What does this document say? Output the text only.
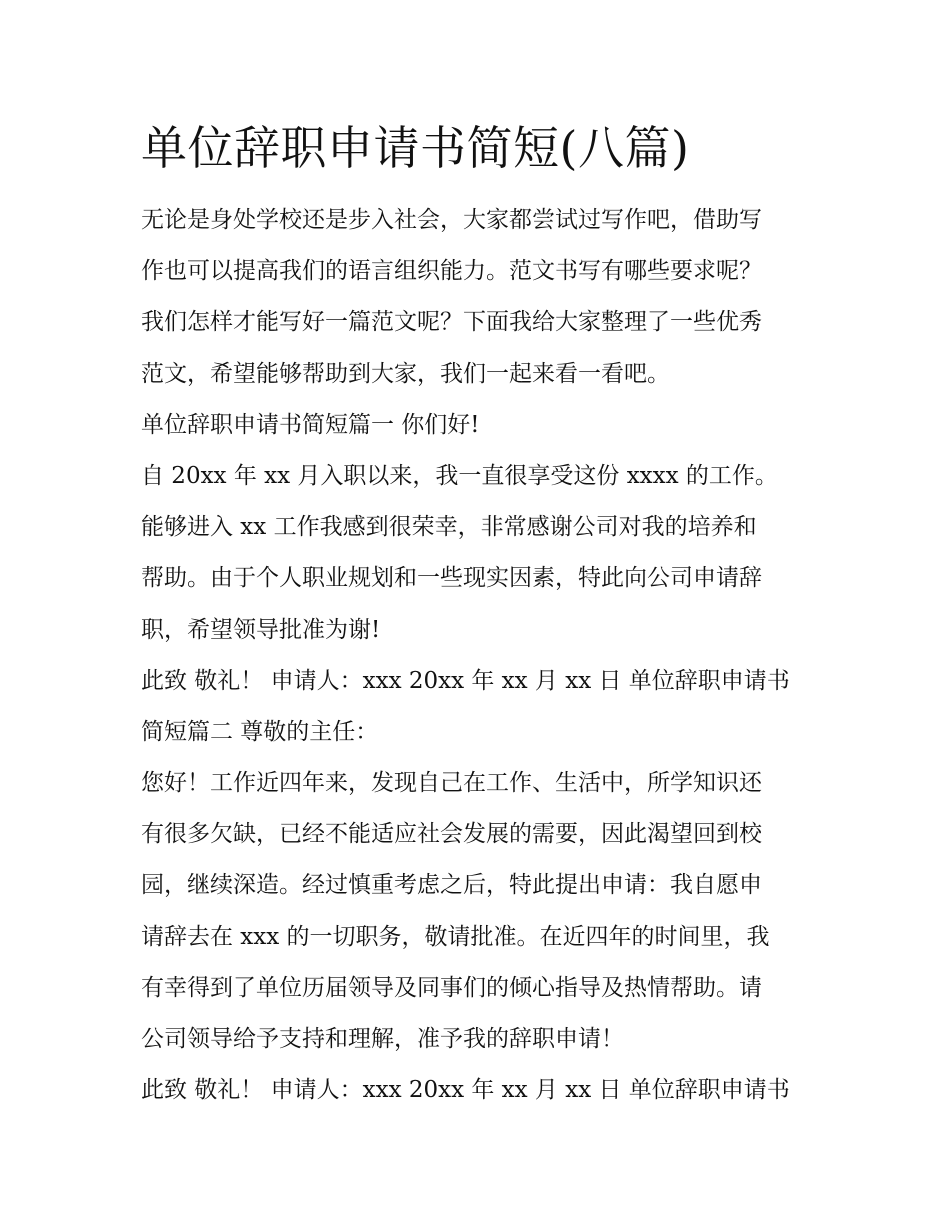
单位辞职申请书简短(八篇)
无论是身处学校还是步入社会，大家都尝试过写作吧，借助写
作也可以提高我们的语言组织能力。范文书写有哪些要求呢？
我们怎样才能写好一篇范文呢？下面我给大家整理了一些优秀
范文，希望能够帮助到大家，我们一起来看一看吧。
单位辞职申请书简短篇一 你们好!
自 20xx 年 xx 月入职以来，我一直很享受这份 xxxx 的工作。
能够进入 xx 工作我感到很荣幸，非常感谢公司对我的培养和
帮助。由于个人职业规划和一些现实因素，特此向公司申请辞
职，希望领导批准为谢!
此致 敬礼！ 申请人：xxx 20xx 年 xx 月 xx 日 单位辞职申请书
简短篇二 尊敬的主任：
您好！工作近四年来，发现自己在工作、生活中，所学知识还
有很多欠缺，已经不能适应社会发展的需要，因此渴望回到校
园，继续深造。经过慎重考虑之后，特此提出申请：我自愿申
请辞去在 xxx 的一切职务，敬请批准。在近四年的时间里，我
有幸得到了单位历届领导及同事们的倾心指导及热情帮助。请
公司领导给予支持和理解，准予我的辞职申请！
此致 敬礼！ 申请人：xxx 20xx 年 xx 月 xx 日 单位辞职申请书
